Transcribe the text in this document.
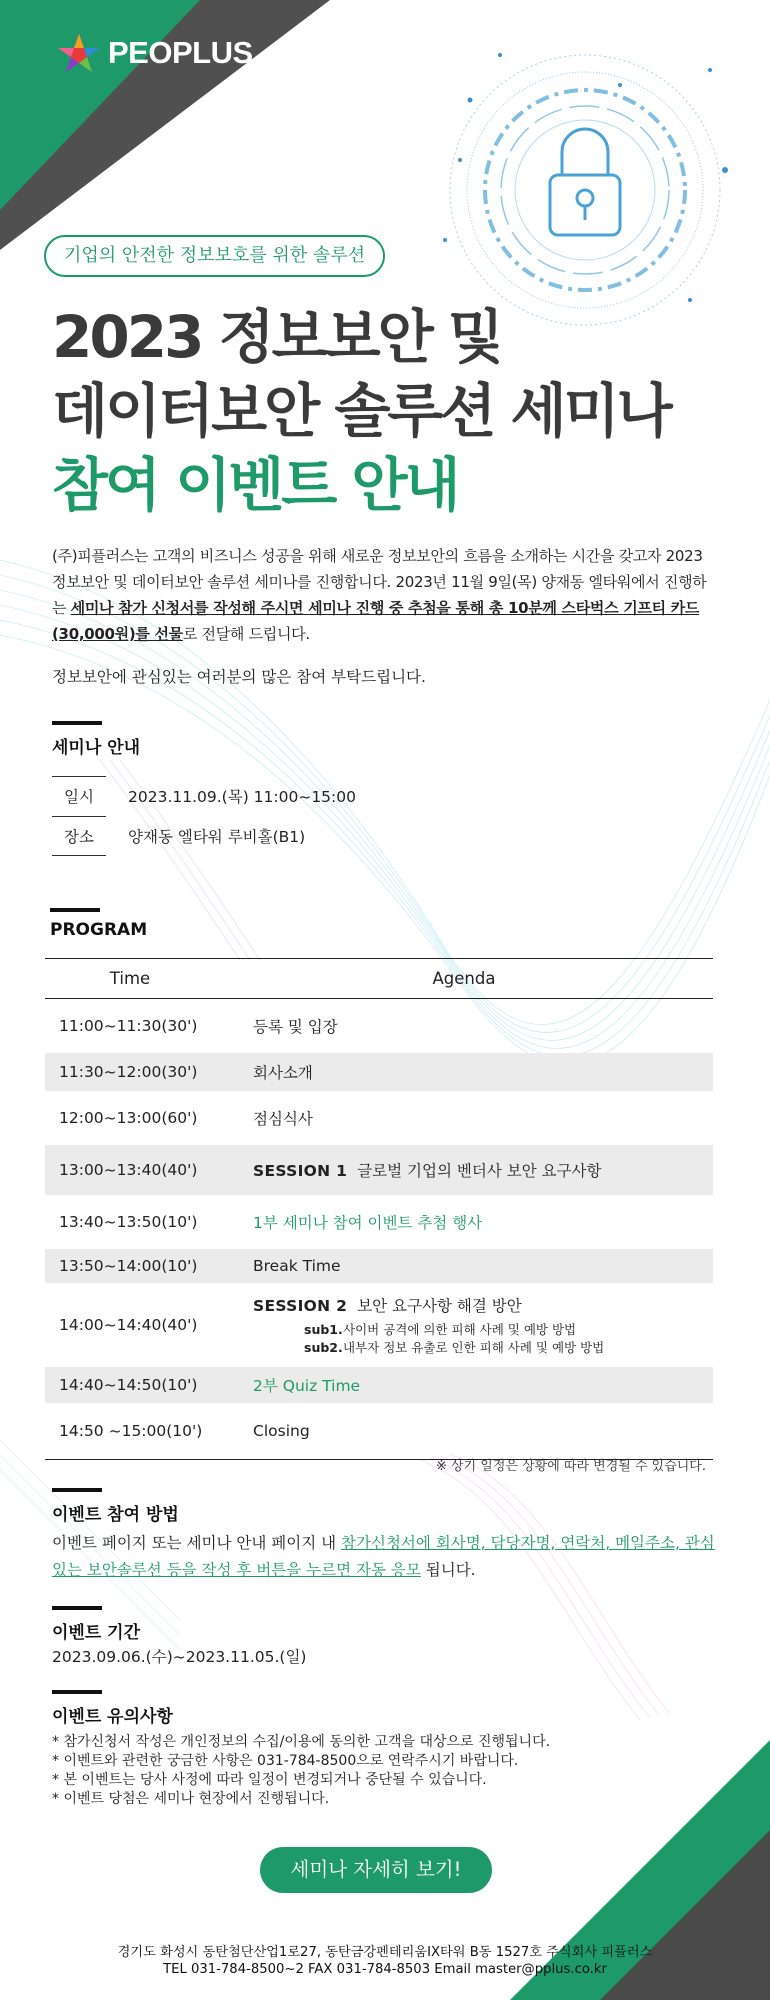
PEOPLUS
기업의 안전한 정보보호를 위한 솔루션
2023 정보보안 및
데이터보안 솔루션 세미나
참여 이벤트 안내

(주)피플러스는 고객의 비즈니스 성공을 위해 새로운 정보보안의 흐름을 소개하는 시간을 갖고자 2023 정보보안 및 데이터보안 솔루션 세미나를 진행합니다. 2023년 11월 9일(목) 양재동 엘타워에서 진행하는 세미나 참가 신청서를 작성해 주시면 세미나 진행 중 추첨을 통해 총 10분께 스타벅스 기프티 카드(30,000원)를 선물로 전달해 드립니다.

정보보안에 관심있는 여러분의 많은 참여 부탁드립니다.

세미나 안내
일시	2023.11.09.(목) 11:00~15:00
장소	양재동 엘타워 루비홀(B1)
PROGRAM
Time	Agenda
11:00~11:30(30')	등록 및 입장
11:30~12:00(30')	회사소개
12:00~13:00(60')	점심식사
13:00~13:40(40')	SESSION 1 글로벌 기업의 벤더사 보안 요구사항
13:40~13:50(10')	1부 세미나 참여 이벤트 추첨 행사
13:50~14:00(10')	Break Time
14:00~14:40(40')
SESSION 2 보안 요구사항 해결 방안
sub1.사이버 공격에 의한 피해 사례 및 예방 방법
sub2.내부자 정보 유출로 인한 피해 사례 및 예방 방법
14:40~14:50(10')	2부 Quiz Time
14:50 ~15:00(10')	Closing
※ 상기 일정은 상황에 따라 변경될 수 있습니다.
이벤트 참여 방법

이벤트 페이지 또는 세미나 안내 페이지 내 참가신청서에 회사명, 담당자명, 연락처, 메일주소, 관심있는 보안솔루션 등을 작성 후 버튼을 누르면 자동 응모 됩니다.

이벤트 기간

2023.09.06.(수)~2023.11.05.(일)

이벤트 유의사항
* 참가신청서 작성은 개인정보의 수집/이용에 동의한 고객을 대상으로 진행됩니다.
* 이벤트와 관련한 궁금한 사항은 031-784-8500으로 연락주시기 바랍니다.
* 본 이벤트는 당사 사정에 따라 일정이 변경되거나 중단될 수 있습니다.
* 이벤트 당첨은 세미나 현장에서 진행됩니다.
세미나 자세히 보기!
경기도 화성시 동탄첨단산업1로27, 동탄금강펜테리움IX타워 B동 1527호 주식회사 피플러스
TEL 031-784-8500~2 FAX 031-784-8503 Email master@pplus.co.kr
